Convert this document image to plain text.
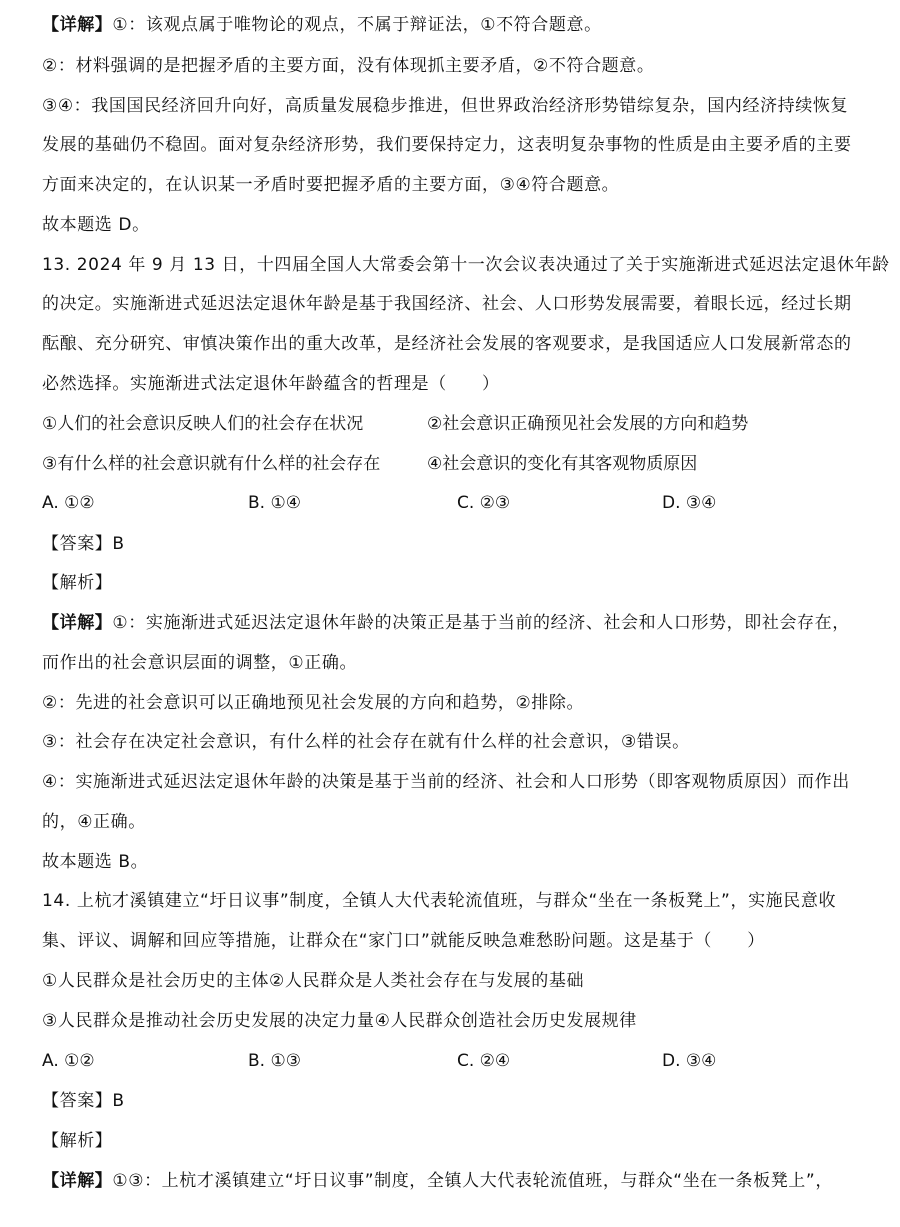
【详解】①：该观点属于唯物论的观点，不属于辩证法，①不符合题意。
②：材料强调的是把握矛盾的主要方面，没有体现抓主要矛盾，②不符合题意。
③④：我国国民经济回升向好，高质量发展稳步推进，但世界政治经济形势错综复杂，国内经济持续恢复
发展的基础仍不稳固。面对复杂经济形势，我们要保持定力，这表明复杂事物的性质是由主要矛盾的主要
方面来决定的，在认识某一矛盾时要把握矛盾的主要方面，③④符合题意。
故本题选 D。
13. 2024 年 9 月 13 日，十四届全国人大常委会第十一次会议表决通过了关于实施渐进式延迟法定退休年龄
的决定。实施渐进式延迟法定退休年龄是基于我国经济、社会、人口形势发展需要，着眼长远，经过长期
酝酿、充分研究、审慎决策作出的重大改革，是经济社会发展的客观要求，是我国适应人口发展新常态的
必然选择。实施渐进式法定退休年龄蕴含的哲理是（　　）
①人们的社会意识反映人们的社会存在状况	②社会意识正确预见社会发展的方向和趋势
③有什么样的社会意识就有什么样的社会存在	④社会意识的变化有其客观物质原因
A. ①②	B. ①④	C. ②③	D. ③④
【答案】B
【解析】
【详解】①：实施渐进式延迟法定退休年龄的决策正是基于当前的经济、社会和人口形势，即社会存在，
而作出的社会意识层面的调整，①正确。
②：先进的社会意识可以正确地预见社会发展的方向和趋势，②排除。
③：社会存在决定社会意识，有什么样的社会存在就有什么样的社会意识，③错误。
④：实施渐进式延迟法定退休年龄的决策是基于当前的经济、社会和人口形势（即客观物质原因）而作出
的，④正确。
故本题选 B。
14. 上杭才溪镇建立“圩日议事”制度，全镇人大代表轮流值班，与群众“坐在一条板凳上”，实施民意收
集、评议、调解和回应等措施，让群众在“家门口”就能反映急难愁盼问题。这是基于（　　）
①人民群众是社会历史的主体②人民群众是人类社会存在与发展的基础
③人民群众是推动社会历史发展的决定力量④人民群众创造社会历史发展规律
A. ①②	B. ①③	C. ②④	D. ③④
【答案】B
【解析】
【详解】①③：上杭才溪镇建立“圩日议事”制度，全镇人大代表轮流值班，与群众“坐在一条板凳上”，
